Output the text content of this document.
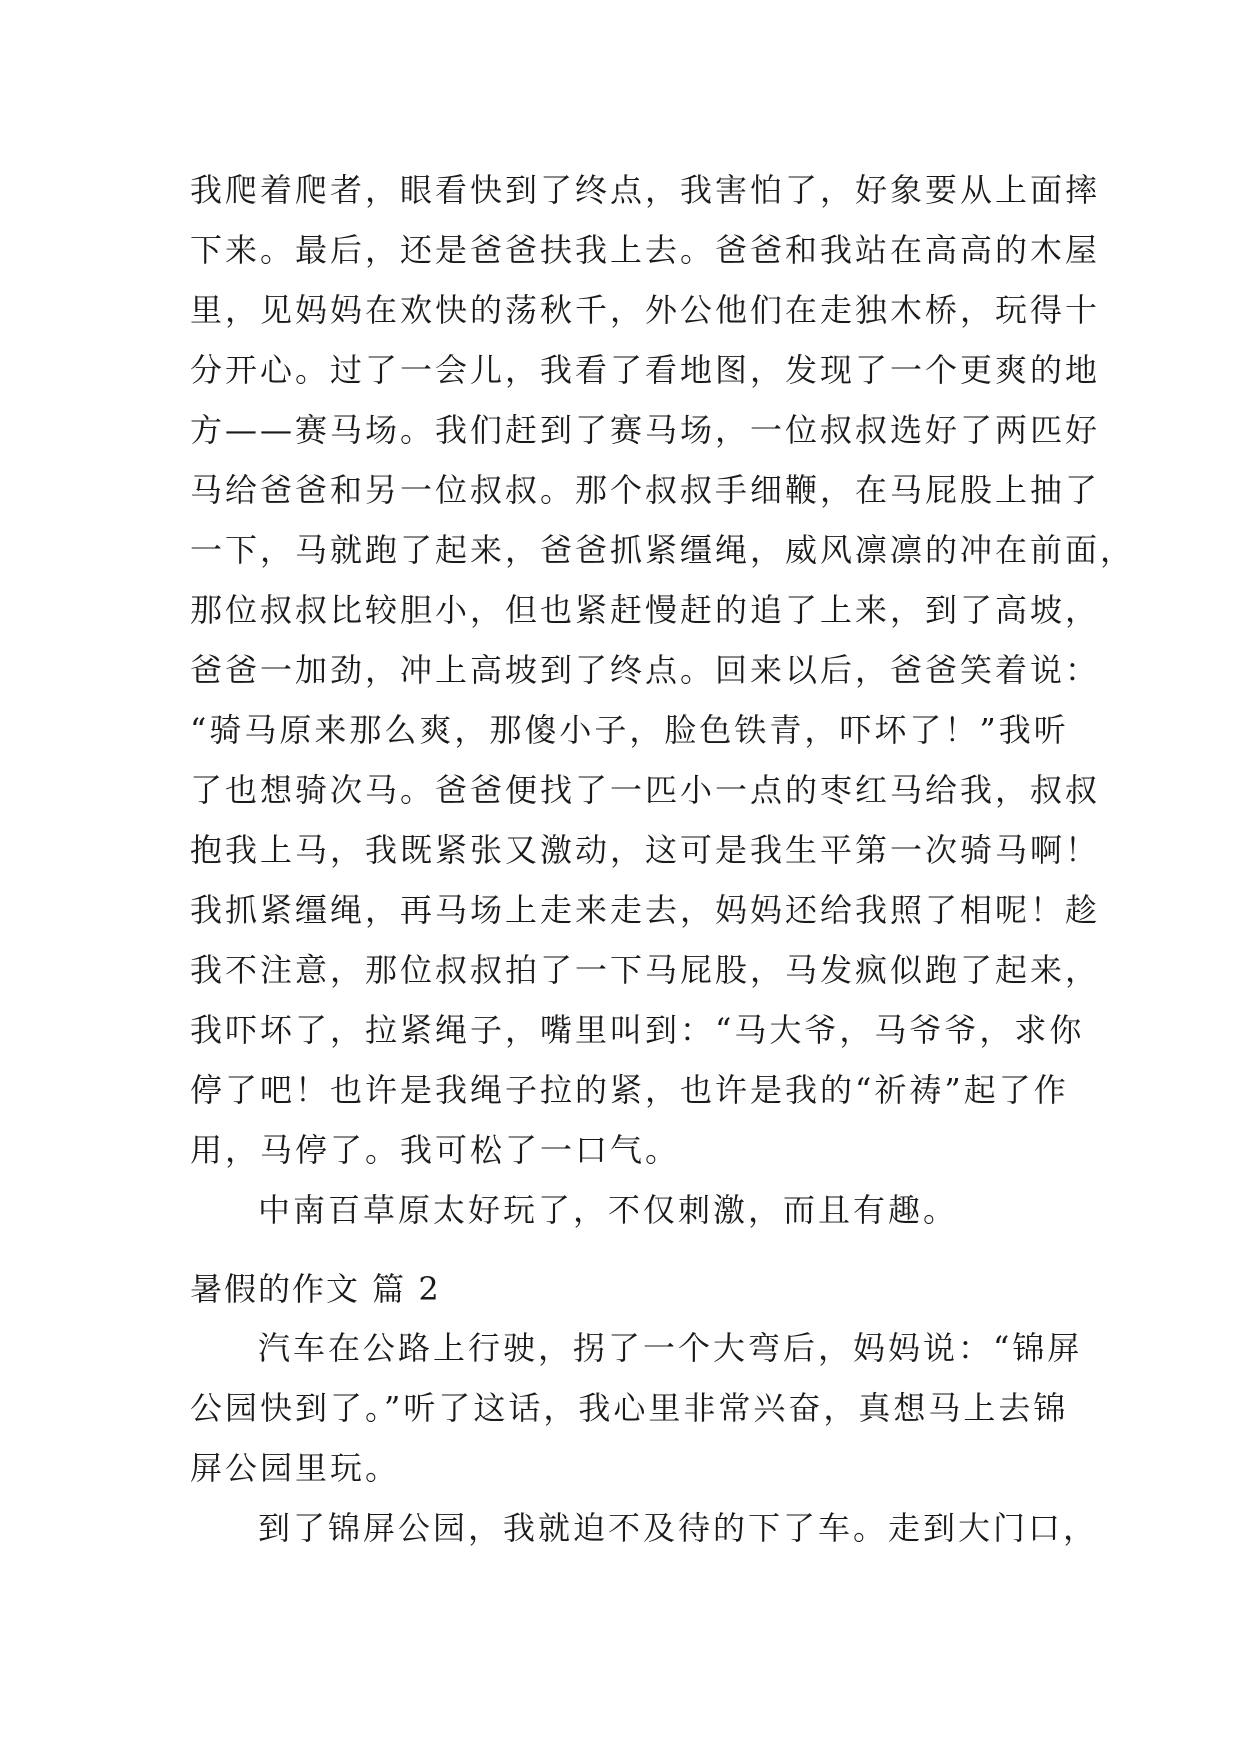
我爬着爬者，眼看快到了终点，我害怕了，好象要从上面摔
下来。最后，还是爸爸扶我上去。爸爸和我站在高高的木屋
里，见妈妈在欢快的荡秋千，外公他们在走独木桥，玩得十
分开心。过了一会儿，我看了看地图，发现了一个更爽的地
方——赛马场。我们赶到了赛马场，一位叔叔选好了两匹好
马给爸爸和另一位叔叔。那个叔叔手细鞭，在马屁股上抽了
一下，马就跑了起来，爸爸抓紧缰绳，威风凛凛的冲在前面，
那位叔叔比较胆小，但也紧赶慢赶的追了上来，到了高坡，
爸爸一加劲，冲上高坡到了终点。回来以后，爸爸笑着说：
“骑马原来那么爽，那傻小子，脸色铁青，吓坏了！”我听
了也想骑次马。爸爸便找了一匹小一点的枣红马给我，叔叔
抱我上马，我既紧张又激动，这可是我生平第一次骑马啊！
我抓紧缰绳，再马场上走来走去，妈妈还给我照了相呢！趁
我不注意，那位叔叔拍了一下马屁股，马发疯似跑了起来，
我吓坏了，拉紧绳子，嘴里叫到：“马大爷，马爷爷，求你
停了吧！也许是我绳子拉的紧，也许是我的“祈祷”起了作
用，马停了。我可松了一口气。
中南百草原太好玩了，不仅刺激，而且有趣。
暑假的作文 篇 2
汽车在公路上行驶，拐了一个大弯后，妈妈说：“锦屏
公园快到了。”听了这话，我心里非常兴奋，真想马上去锦
屏公园里玩。
到了锦屏公园，我就迫不及待的下了车。走到大门口，
